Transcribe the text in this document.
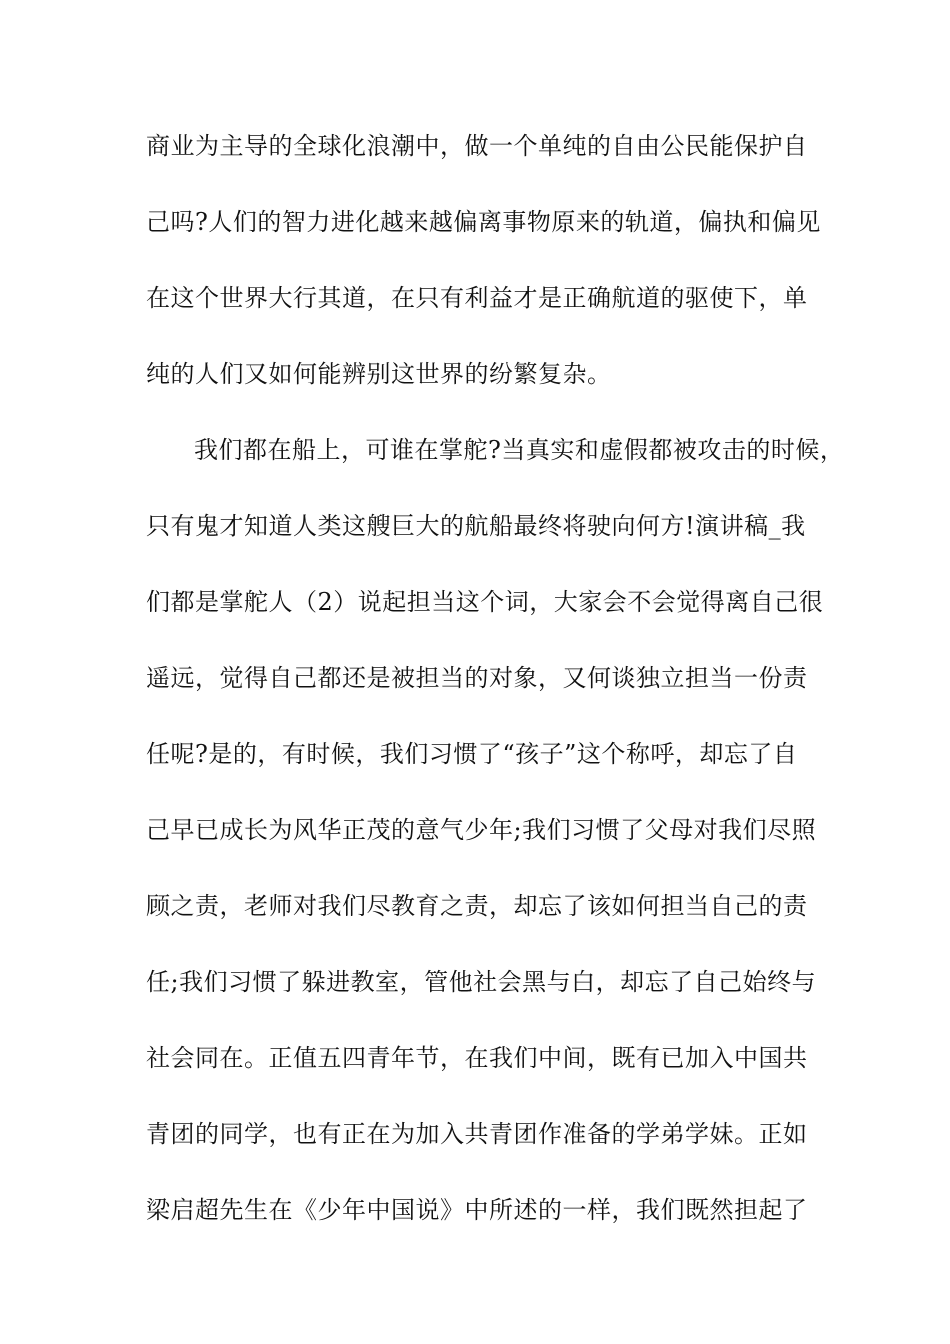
商业为主导的全球化浪潮中，做一个单纯的自由公民能保护自
己吗?人们的智力进化越来越偏离事物原来的轨道，偏执和偏见
在这个世界大行其道，在只有利益才是正确航道的驱使下，单
纯的人们又如何能辨别这世界的纷繁复杂。
我们都在船上，可谁在掌舵?当真实和虚假都被攻击的时候，
只有鬼才知道人类这艘巨大的航船最终将驶向何方!演讲稿_我
们都是掌舵人（2）说起担当这个词，大家会不会觉得离自己很
遥远，觉得自己都还是被担当的对象，又何谈独立担当一份责
任呢?是的，有时候，我们习惯了“孩子”这个称呼，却忘了自
己早已成长为风华正茂的意气少年;我们习惯了父母对我们尽照
顾之责，老师对我们尽教育之责，却忘了该如何担当自己的责
任;我们习惯了躲进教室，管他社会黑与白，却忘了自己始终与
社会同在。正值五四青年节，在我们中间，既有已加入中国共
青团的同学，也有正在为加入共青团作准备的学弟学妹。正如
梁启超先生在《少年中国说》中所述的一样，我们既然担起了
